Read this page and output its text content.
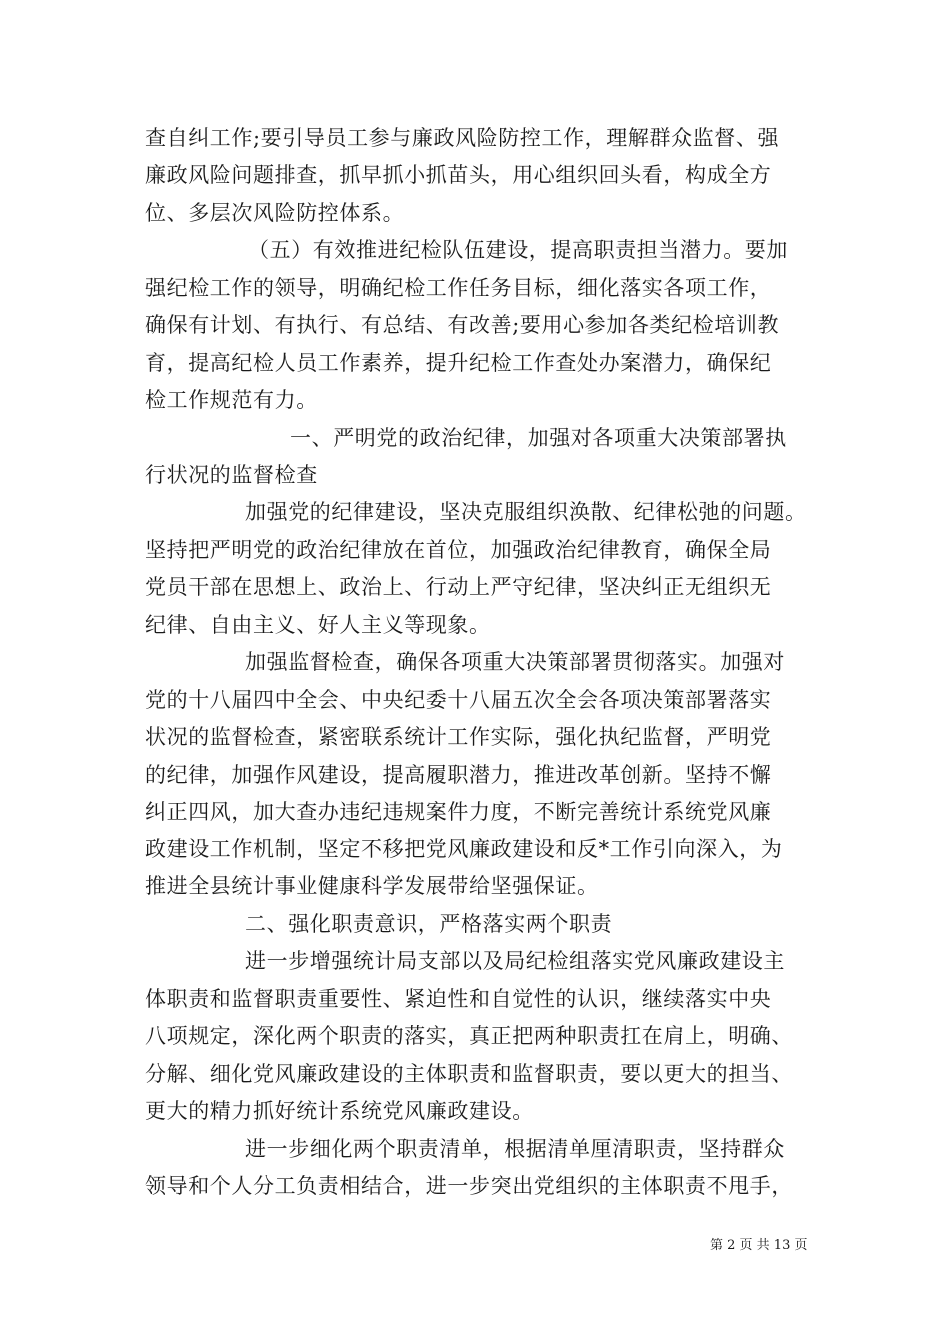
查自纠工作;要引导员工参与廉政风险防控工作，理解群众监督、强
廉政风险问题排查，抓早抓小抓苗头，用心组织回头看，构成全方
位、多层次风险防控体系。
（五）有效推进纪检队伍建设，提高职责担当潜力。要加
强纪检工作的领导，明确纪检工作任务目标，细化落实各项工作，
确保有计划、有执行、有总结、有改善;要用心参加各类纪检培训教
育，提高纪检人员工作素养，提升纪检工作查处办案潜力，确保纪
检工作规范有力。
一、严明党的政治纪律，加强对各项重大决策部署执
行状况的监督检查
加强党的纪律建设，坚决克服组织涣散、纪律松弛的问题。
坚持把严明党的政治纪律放在首位，加强政治纪律教育，确保全局
党员干部在思想上、政治上、行动上严守纪律，坚决纠正无组织无
纪律、自由主义、好人主义等现象。
加强监督检查，确保各项重大决策部署贯彻落实。加强对
党的十八届四中全会、中央纪委十八届五次全会各项决策部署落实
状况的监督检查，紧密联系统计工作实际，强化执纪监督，严明党
的纪律，加强作风建设，提高履职潜力，推进改革创新。坚持不懈
纠正四风，加大查办违纪违规案件力度，不断完善统计系统党风廉
政建设工作机制，坚定不移把党风廉政建设和反*工作引向深入，为
推进全县统计事业健康科学发展带给坚强保证。
二、强化职责意识，严格落实两个职责
进一步增强统计局支部以及局纪检组落实党风廉政建设主
体职责和监督职责重要性、紧迫性和自觉性的认识，继续落实中央
八项规定，深化两个职责的落实，真正把两种职责扛在肩上，明确、
分解、细化党风廉政建设的主体职责和监督职责，要以更大的担当、
更大的精力抓好统计系统党风廉政建设。
进一步细化两个职责清单，根据清单厘清职责，坚持群众
领导和个人分工负责相结合，进一步突出党组织的主体职责不甩手，
第 2 页 共 13 页
